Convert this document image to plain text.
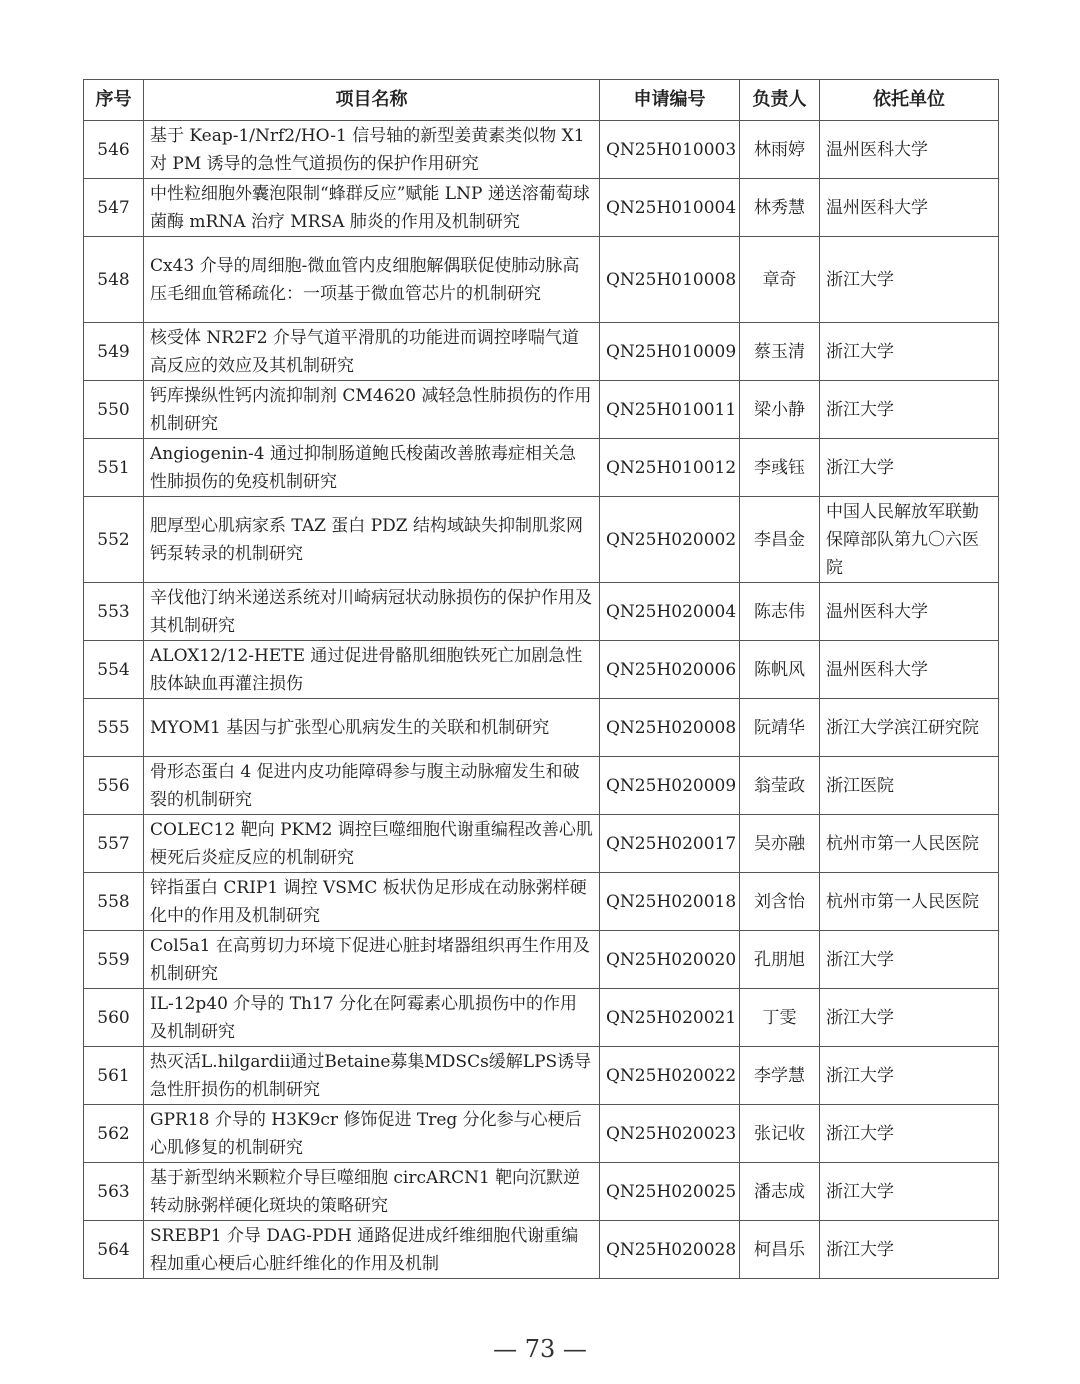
序号	项目名称	申请编号	负责人	依托单位
546	基于 Keap-1/Nrf2/HO-1 信号轴的新型姜黄素类似物 X1 对 PM 诱导的急性气道损伤的保护作用研究	QN25H010003	林雨婷	温州医科大学
547	中性粒细胞外囊泡限制“蜂群反应”赋能 LNP 递送溶葡萄球菌酶 mRNA 治疗 MRSA 肺炎的作用及机制研究	QN25H010004	林秀慧	温州医科大学
548	Cx43 介导的周细胞-微血管内皮细胞解偶联促使肺动脉高压毛细血管稀疏化：一项基于微血管芯片的机制研究	QN25H010008	章奇	浙江大学
549	核受体 NR2F2 介导气道平滑肌的功能进而调控哮喘气道高反应的效应及其机制研究	QN25H010009	蔡玉清	浙江大学
550	钙库操纵性钙内流抑制剂 CM4620 减轻急性肺损伤的作用机制研究	QN25H010011	梁小静	浙江大学
551	Angiogenin-4 通过抑制肠道鲍氏梭菌改善脓毒症相关急性肺损伤的免疫机制研究	QN25H010012	李彧钰	浙江大学
552	肥厚型心肌病家系 TAZ 蛋白 PDZ 结构域缺失抑制肌浆网钙泵转录的机制研究	QN25H020002	李昌金	中国人民解放军联勤保障部队第九〇六医院
553	辛伐他汀纳米递送系统对川崎病冠状动脉损伤的保护作用及其机制研究	QN25H020004	陈志伟	温州医科大学
554	ALOX12/12-HETE 通过促进骨骼肌细胞铁死亡加剧急性肢体缺血再灌注损伤	QN25H020006	陈帆风	温州医科大学
555	MYOM1 基因与扩张型心肌病发生的关联和机制研究	QN25H020008	阮靖华	浙江大学滨江研究院
556	骨形态蛋白 4 促进内皮功能障碍参与腹主动脉瘤发生和破裂的机制研究	QN25H020009	翁莹政	浙江医院
557	COLEC12 靶向 PKM2 调控巨噬细胞代谢重编程改善心肌梗死后炎症反应的机制研究	QN25H020017	吴亦融	杭州市第一人民医院
558	锌指蛋白 CRIP1 调控 VSMC 板状伪足形成在动脉粥样硬化中的作用及机制研究	QN25H020018	刘含怡	杭州市第一人民医院
559	Col5a1 在高剪切力环境下促进心脏封堵器组织再生作用及机制研究	QN25H020020	孔朋旭	浙江大学
560	IL-12p40 介导的 Th17 分化在阿霉素心肌损伤中的作用及机制研究	QN25H020021	丁雯	浙江大学
561	热灭活L.hilgardii通过Betaine募集MDSCs缓解LPS诱导急性肝损伤的机制研究	QN25H020022	李学慧	浙江大学
562	GPR18 介导的 H3K9cr 修饰促进 Treg 分化参与心梗后心肌修复的机制研究	QN25H020023	张记收	浙江大学
563	基于新型纳米颗粒介导巨噬细胞 circARCN1 靶向沉默逆转动脉粥样硬化斑块的策略研究	QN25H020025	潘志成	浙江大学
564	SREBP1 介导 DAG-PDH 通路促进成纤维细胞代谢重编程加重心梗后心脏纤维化的作用及机制	QN25H020028	柯昌乐	浙江大学
— 73 —
